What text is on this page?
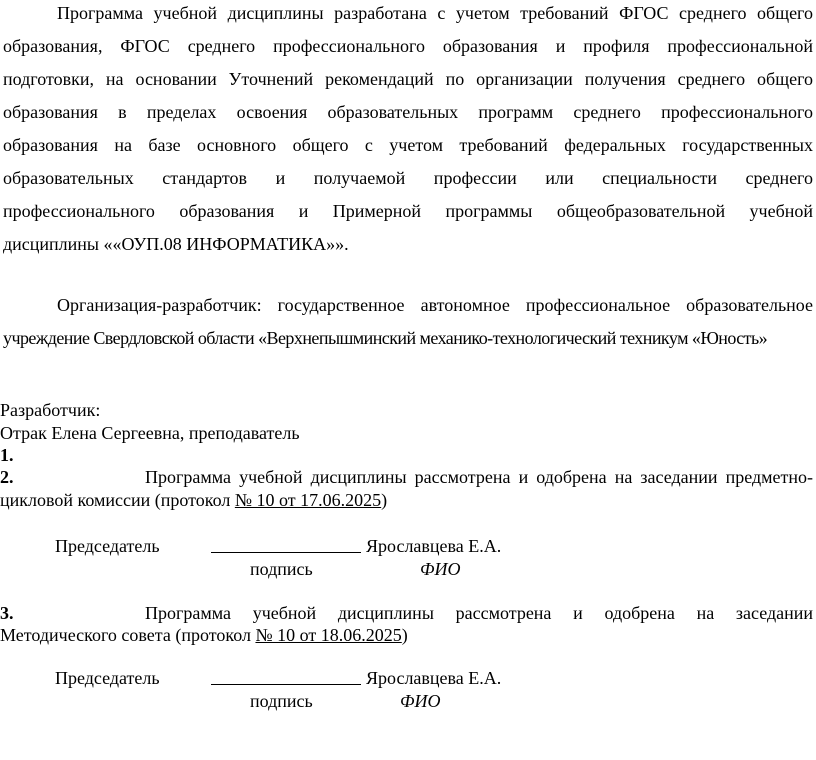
Программа учебной дисциплины разработана с учетом требований ФГОС среднего общего
образования, ФГОС среднего профессионального образования и профиля профессиональной
подготовки, на основании Уточнений рекомендаций по организации получения среднего общего
образования в пределах освоения образовательных программ среднего профессионального
образования на базе основного общего с учетом требований федеральных государственных
образовательных стандартов и получаемой профессии или специальности среднего
профессионального образования и Примерной программы общеобразовательной учебной
дисциплины ««ОУП.08 ИНФОРМАТИКА»».
Организация-разработчик: государственное автономное профессиональное образовательное
учреждение Свердловской области «Верхнепышминский механико-технологический техникум «Юность»
Разработчик:
Отрак Елена Сергеевна, преподаватель
1.
2.	Программа учебной дисциплины рассмотрена и одобрена на заседании предметно-
цикловой комиссии (протокол № 10 от 17.06.2025)
Председатель	Ярославцева Е.А.
подпись	ФИО
3.	Программа учебной дисциплины рассмотрена и одобрена на заседании
Методического совета (протокол № 10 от 18.06.2025)
Председатель	Ярославцева Е.А.
подпись	ФИО
